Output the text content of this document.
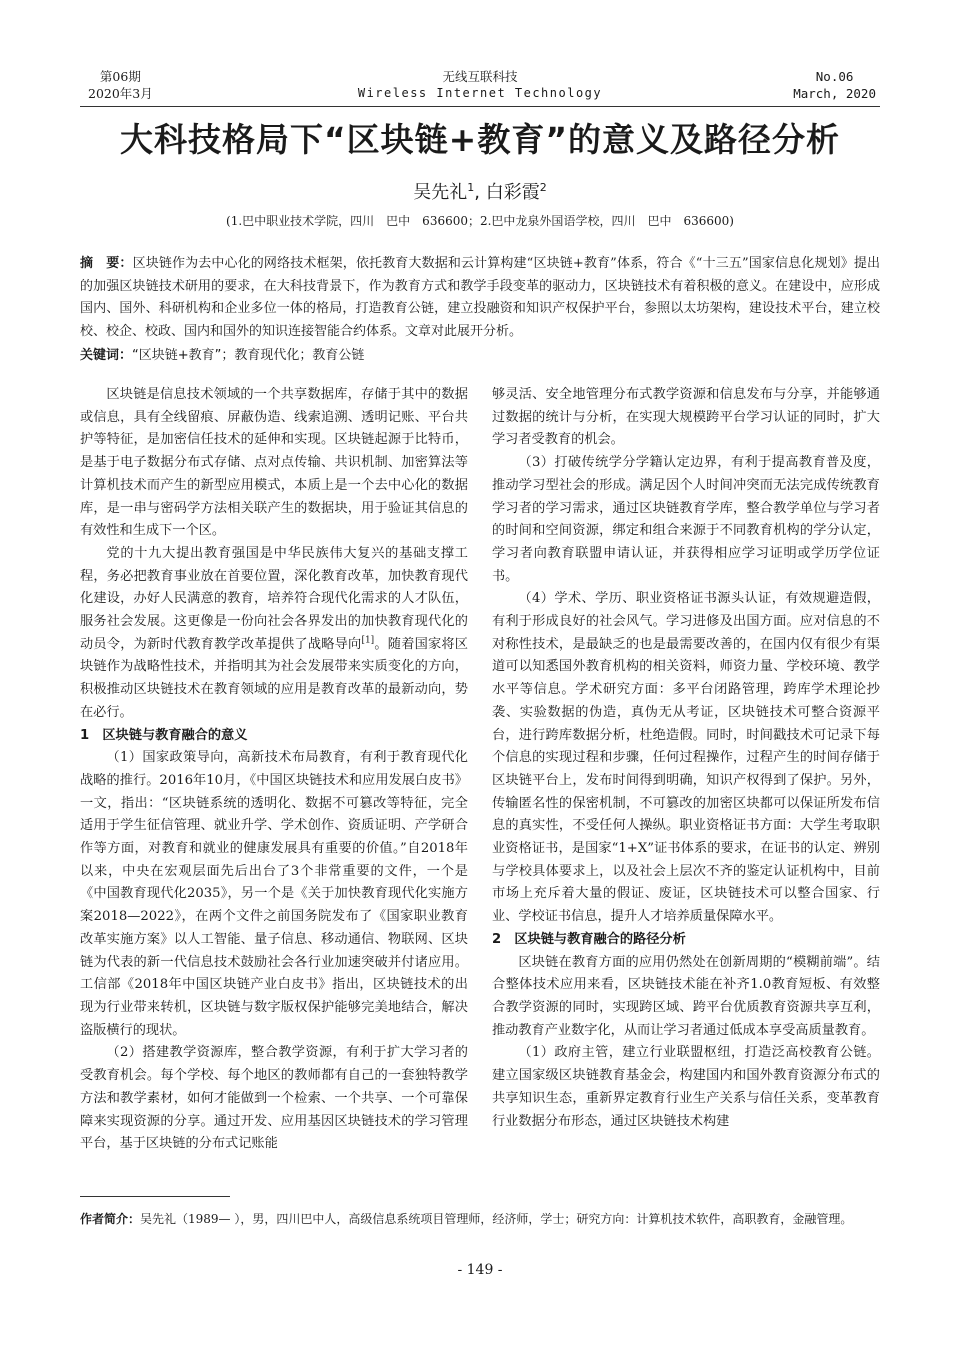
第06期
2020年3月
无线互联科技
Wireless Internet Technology
No.06
March, 2020
大科技格局下“区块链+教育”的意义及路径分析
吴先礼$^1$, 白彩霞$^2$
(1.巴中职业技术学院，四川　巴中　636600；2.巴中龙泉外国语学校，四川　巴中　636600)
摘　要：区块链作为去中心化的网络技术框架，依托教育大数据和云计算构建“区块链+教育”体系，符合《“十三五”国家信息化规划》提出的加强区块链技术研用的要求，在大科技背景下，作为教育方式和教学手段变革的驱动力，区块链技术有着积极的意义。在建设中，应形成国内、国外、科研机构和企业多位一体的格局，打造教育公链，建立投融资和知识产权保护平台，参照以太坊架构，建设技术平台，建立校校、校企、校政、国内和国外的知识连接智能合约体系。文章对此展开分析。
关键词：“区块链+教育”；教育现代化；教育公链

区块链是信息技术领域的一个共享数据库，存储于其中的数据或信息，具有全线留痕、屏蔽伪造、线索追溯、透明记账、平台共护等特征，是加密信任技术的延伸和实现。区块链起源于比特币，是基于电子数据分布式存储、点对点传输、共识机制、加密算法等计算机技术而产生的新型应用模式，本质上是一个去中心化的数据库，是一串与密码学方法相关联产生的数据块，用于验证其信息的有效性和生成下一个区。

党的十九大提出教育强国是中华民族伟大复兴的基础支撑工程，务必把教育事业放在首要位置，深化教育改革，加快教育现代化建设，办好人民满意的教育，培养符合现代化需求的人才队伍，服务社会发展。这更像是一份向社会各界发出的加快教育现代化的动员令，为新时代教育教学改革提供了战略导向[1]。随着国家将区块链作为战略性技术，并指明其为社会发展带来实质变化的方向，积极推动区块链技术在教育领域的应用是教育改革的最新动向，势在必行。

1　区块链与教育融合的意义

（1）国家政策导向，高新技术布局教育，有利于教育现代化战略的推行。2016年10月，《中国区块链技术和应用发展白皮书》一文，指出：“区块链系统的透明化、数据不可篡改等特征，完全适用于学生征信管理、就业升学、学术创作、资质证明、产学研合作等方面，对教育和就业的健康发展具有重要的价值。”自2018年以来，中央在宏观层面先后出台了3个非常重要的文件，一个是《中国教育现代化2035》，另一个是《关于加快教育现代化实施方案2018—2022》，在两个文件之前国务院发布了《国家职业教育改革实施方案》以人工智能、量子信息、移动通信、物联网、区块链为代表的新一代信息技术鼓励社会各行业加速突破并付诸应用。工信部《2018年中国区块链产业白皮书》指出，区块链技术的出现为行业带来转机，区块链与数字版权保护能够完美地结合，解决盗版横行的现状。

（2）搭建教学资源库，整合教学资源，有利于扩大学习者的受教育机会。每个学校、每个地区的教师都有自己的一套独特教学方法和教学素材，如何才能做到一个检索、一个共享、一个可靠保障来实现资源的分享。通过开发、应用基因区块链技术的学习管理平台，基于区块链的分布式记账能

够灵活、安全地管理分布式教学资源和信息发布与分享，并能够通过数据的统计与分析，在实现大规模跨平台学习认证的同时，扩大学习者受教育的机会。

（3）打破传统学分学籍认定边界，有利于提高教育普及度，推动学习型社会的形成。满足因个人时间冲突而无法完成传统教育学习者的学习需求，通过区块链教育学库，整合教学单位与学习者的时间和空间资源，绑定和组合来源于不同教育机构的学分认定，学习者向教育联盟申请认证，并获得相应学习证明或学历学位证书。

（4）学术、学历、职业资格证书源头认证，有效规避造假，有利于形成良好的社会风气。学习进修及出国方面。应对信息的不对称性技术，是最缺乏的也是最需要改善的，在国内仅有很少有渠道可以知悉国外教育机构的相关资料，师资力量、学校环境、教学水平等信息。学术研究方面：多平台闭路管理，跨库学术理论抄袭、实验数据的伪造，真伪无从考证，区块链技术可整合资源平台，进行跨库数据分析，杜绝造假。同时，时间戳技术可记录下每个信息的实现过程和步骤，任何过程操作，过程产生的时间存储于区块链平台上，发布时间得到明确，知识产权得到了保护。另外，传输匿名性的保密机制，不可篡改的加密区块都可以保证所发布信息的真实性，不受任何人操纵。职业资格证书方面：大学生考取职业资格证书，是国家“1+X”证书体系的要求，在证书的认定、辨别与学校具体要求上，以及社会上层次不齐的鉴定认证机构中，目前市场上充斥着大量的假证、废证，区块链技术可以整合国家、行业、学校证书信息，提升人才培养质量保障水平。

2　区块链与教育融合的路径分析

区块链在教育方面的应用仍然处在创新周期的“模糊前端”。结合整体技术应用来看，区块链技术能在补齐1.0教育短板、有效整合教学资源的同时，实现跨区域、跨平台优质教育资源共享互利，推动教育产业数字化，从而让学习者通过低成本享受高质量教育。

（1）政府主管，建立行业联盟枢纽，打造泛高校教育公链。建立国家级区块链教育基金会，构建国内和国外教育资源分布式的共享知识生态，重新界定教育行业生产关系与信任关系，变革教育行业数据分布形态，通过区块链技术构建

作者简介：吴先礼（1989— ），男，四川巴中人，高级信息系统项目管理师，经济师，学士；研究方向：计算机技术软件，高职教育，金融管理。
- 149 -
